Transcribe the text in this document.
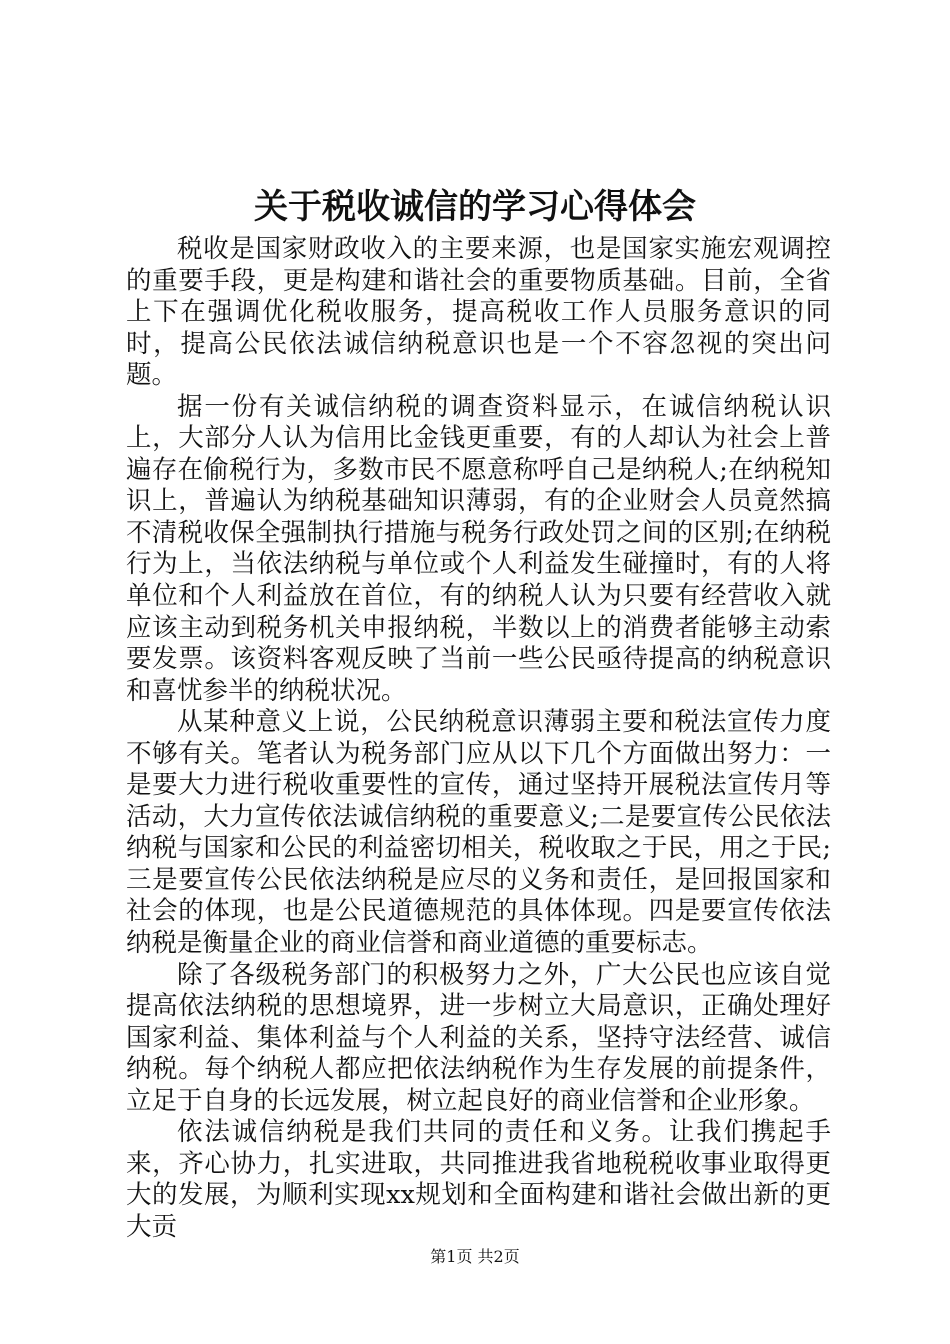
关于税收诚信的学习心得体会

税收是国家财政收入的主要来源，也是国家实施宏观调控的重要手段，更是构建和谐社会的重要物质基础。目前，全省上下在强调优化税收服务，提高税收工作人员服务意识的同时，提高公民依法诚信纳税意识也是一个不容忽视的突出问题。

据一份有关诚信纳税的调查资料显示，在诚信纳税认识上，大部分人认为信用比金钱更重要，有的人却认为社会上普遍存在偷税行为，多数市民不愿意称呼自己是纳税人;在纳税知识上，普遍认为纳税基础知识薄弱，有的企业财会人员竟然搞不清税收保全强制执行措施与税务行政处罚之间的区别;在纳税行为上，当依法纳税与单位或个人利益发生碰撞时，有的人将单位和个人利益放在首位，有的纳税人认为只要有经营收入就应该主动到税务机关申报纳税，半数以上的消费者能够主动索要发票。该资料客观反映了当前一些公民亟待提高的纳税意识和喜忧参半的纳税状况。

从某种意义上说，公民纳税意识薄弱主要和税法宣传力度不够有关。笔者认为税务部门应从以下几个方面做出努力：一是要大力进行税收重要性的宣传，通过坚持开展税法宣传月等活动，大力宣传依法诚信纳税的重要意义;二是要宣传公民依法纳税与国家和公民的利益密切相关，税收取之于民，用之于民;三是要宣传公民依法纳税是应尽的义务和责任，是回报国家和社会的体现，也是公民道德规范的具体体现。四是要宣传依法纳税是衡量企业的商业信誉和商业道德的重要标志。

除了各级税务部门的积极努力之外，广大公民也应该自觉提高依法纳税的思想境界，进一步树立大局意识，正确处理好国家利益、集体利益与个人利益的关系，坚持守法经营、诚信纳税。每个纳税人都应把依法纳税作为生存发展的前提条件，立足于自身的长远发展，树立起良好的商业信誉和企业形象。

依法诚信纳税是我们共同的责任和义务。让我们携起手来，齐心协力，扎实进取，共同推进我省地税税收事业取得更大的发展，为顺利实现xx规划和全面构建和谐社会做出新的更大贡

第1页 共2页
